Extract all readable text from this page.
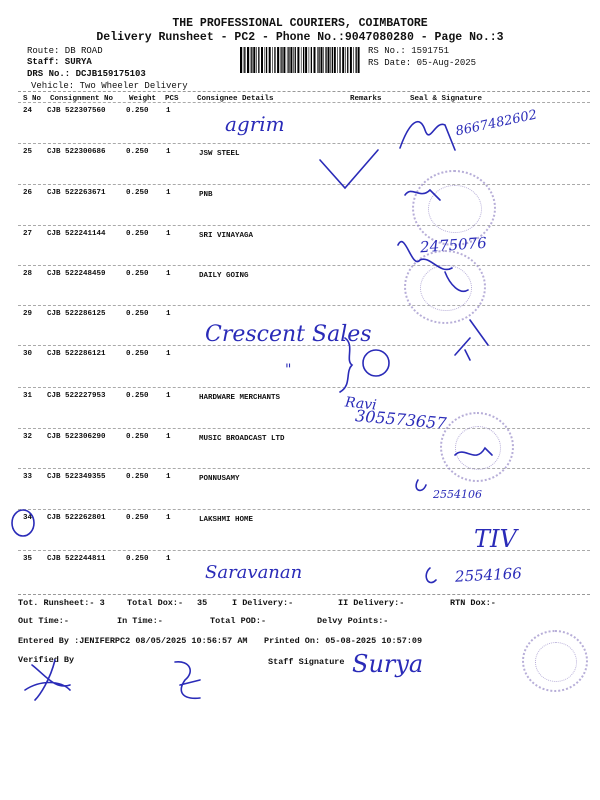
THE PROFESSIONAL COURIERS, COIMBATORE
Delivery Runsheet - PC2 - Phone No.:9047080280 - Page No.:3
Route: DB ROAD
Staff: SURYA
DRS No.: DCJB159175103
Vehicle: Two Wheeler Delivery
RS No.: 1591751
RS Date: 05-Aug-2025
S No Consignment No Weight PCS Consignee Details	Remarks	Seal & Signature
24 CJB 522307560	0.250 1
25 CJB 522300686	0.250 1	JSW STEEL
26 CJB 522263671	0.250 1	PNB
27 CJB 522241144	0.250 1	SRI VINAYAGA
28 CJB 522248459	0.250 1	DAILY GOING
29 CJB 522286125	0.250 1
30 CJB 522286121	0.250 1
31 CJB 522227953	0.250 1	HARDWARE MERCHANTS
32 CJB 522306290	0.250 1	MUSIC BROADCAST LTD
33 CJB 522349355	0.250 1	PONNUSAMY
34 CJB 522262801	0.250 1	LAKSHMI HOME
35 CJB 522244811	0.250 1
Tot. Runsheet:- 3	Total Dox:- 35	I Delivery:-	II Delivery:-	RTN Dox:-
Out Time:-	In Time:-	Total POD:-	Delvy Points:-
Entered By :JENIFERPC2 08/05/2025 10:56:57 AM Printed On: 05-08-2025 10:57:09
Verified By	Staff Signature
agrim	8667482602
2475076
Crescent Sales
"
Ravi
305573657
2554106
TIV
Saravanan	2554166
Surya
